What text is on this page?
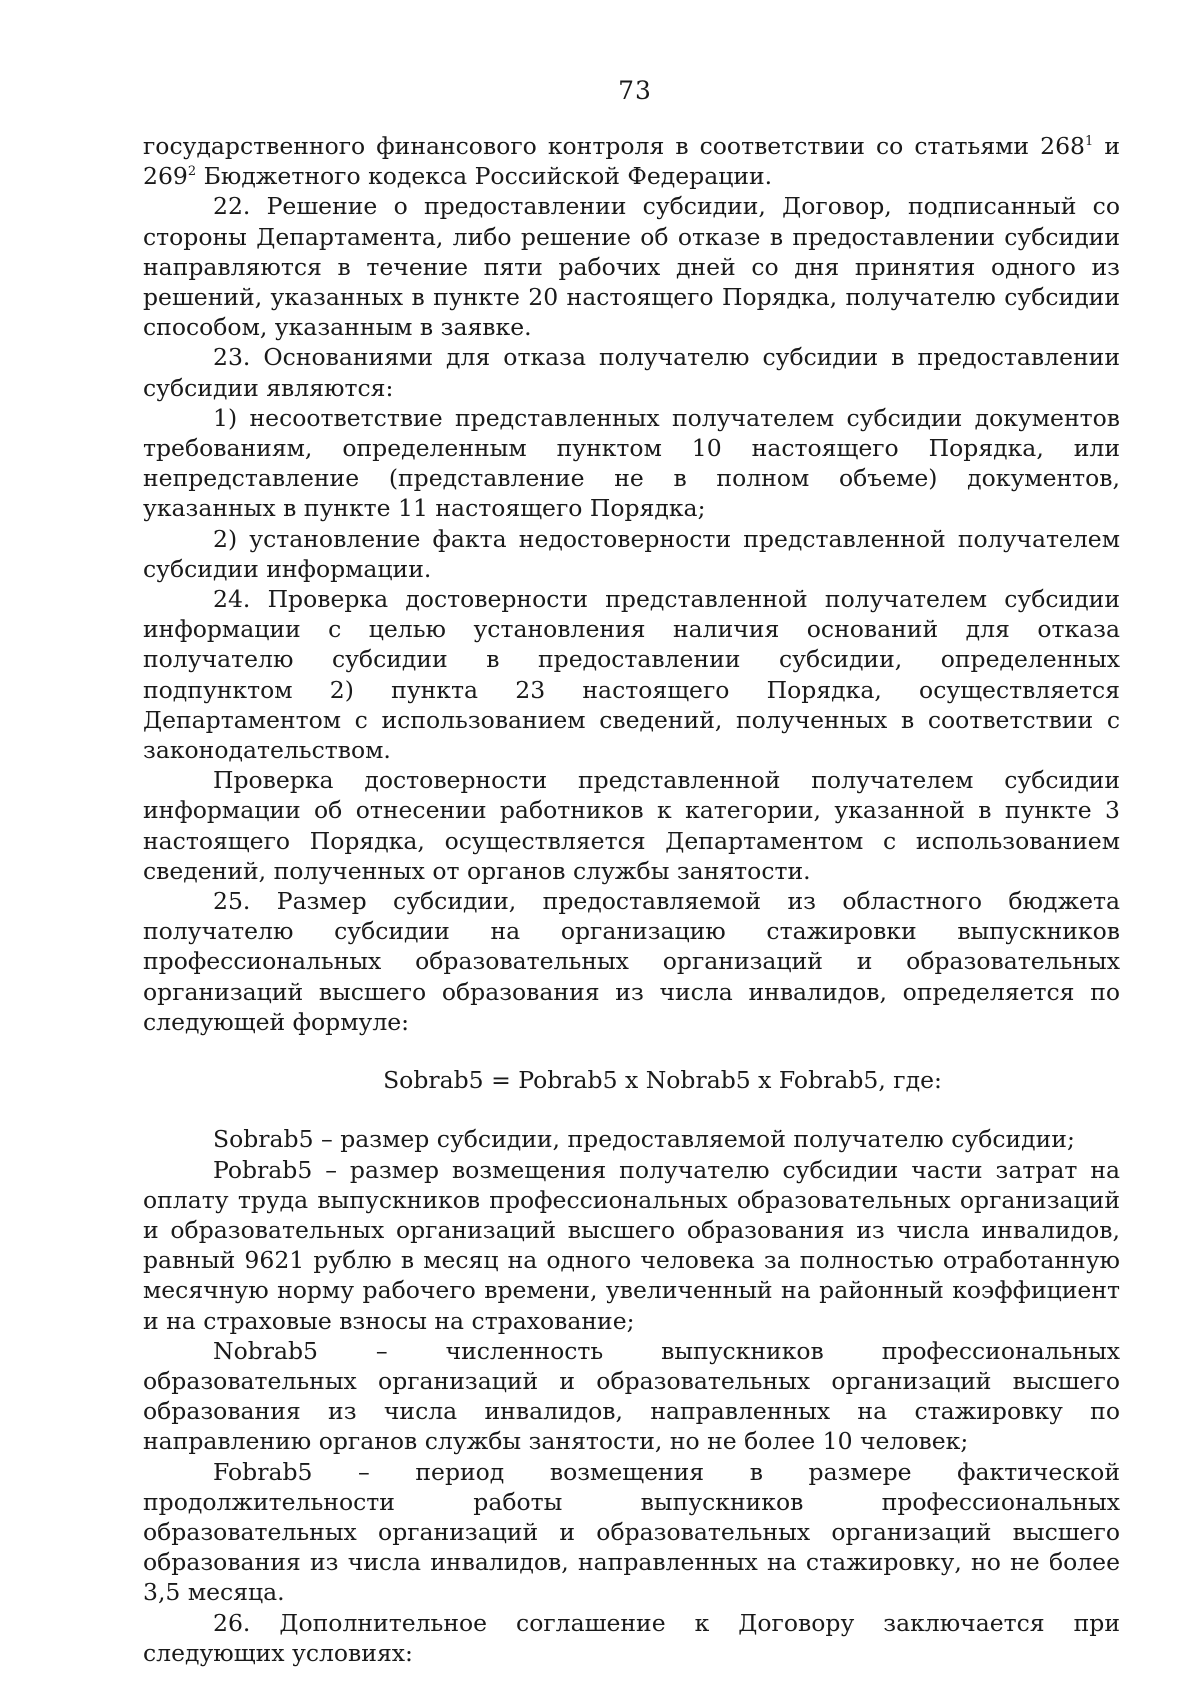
73

государственного финансового контроля в соответствии со статьями $268^1$ и $269^2$ Бюджетного кодекса Российской Федерации.

22. Решение о предоставлении субсидии, Договор, подписанный со стороны Департамента, либо решение об отказе в предоставлении субсидии направляются в течение пяти рабочих дней со дня принятия одного из решений, указанных в пункте 20 настоящего Порядка, получателю субсидии способом, указанным в заявке.

23. Основаниями для отказа получателю субсидии в предоставлении субсидии являются:

1) несоответствие представленных получателем субсидии документов требованиям, определенным пунктом 10 настоящего Порядка, или непредставление (представление не в полном объеме) документов, указанных в пункте 11 настоящего Порядка;

2) установление факта недостоверности представленной получателем субсидии информации.

24. Проверка достоверности представленной получателем субсидии информации с целью установления наличия оснований для отказа получателю субсидии в предоставлении субсидии, определенных подпунктом 2) пункта 23 настоящего Порядка, осуществляется Департаментом с использованием сведений, полученных в соответствии с законодательством.

Проверка достоверности представленной получателем субсидии информации об отнесении работников к категории, указанной в пункте 3 настоящего Порядка, осуществляется Департаментом с использованием сведений, полученных от органов службы занятости.

25. Размер субсидии, предоставляемой из областного бюджета получателю субсидии на организацию стажировки выпускников профессиональных образовательных организаций и образовательных организаций высшего образования из числа инвалидов, определяется по следующей формуле:

Sobrab5 = Pobrab5 x Nobrab5 x Fobrab5, где:

Sobrab5 – размер субсидии, предоставляемой получателю субсидии;

Pobrab5 – размер возмещения получателю субсидии части затрат на оплату труда выпускников профессиональных образовательных организаций и образовательных организаций высшего образования из числа инвалидов, равный 9621 рублю в месяц на одного человека за полностью отработанную месячную норму рабочего времени, увеличенный на районный коэффициент и на страховые взносы на страхование;

Nobrab5 – численность выпускников профессиональных образовательных организаций и образовательных организаций высшего образования из числа инвалидов, направленных на стажировку по направлению органов службы занятости, но не более 10 человек;

Fobrab5 – период возмещения в размере фактической продолжительности работы выпускников профессиональных образовательных организаций и образовательных организаций высшего образования из числа инвалидов, направленных на стажировку, но не более 3,5 месяца.

26. Дополнительное соглашение к Договору заключается при следующих условиях:
